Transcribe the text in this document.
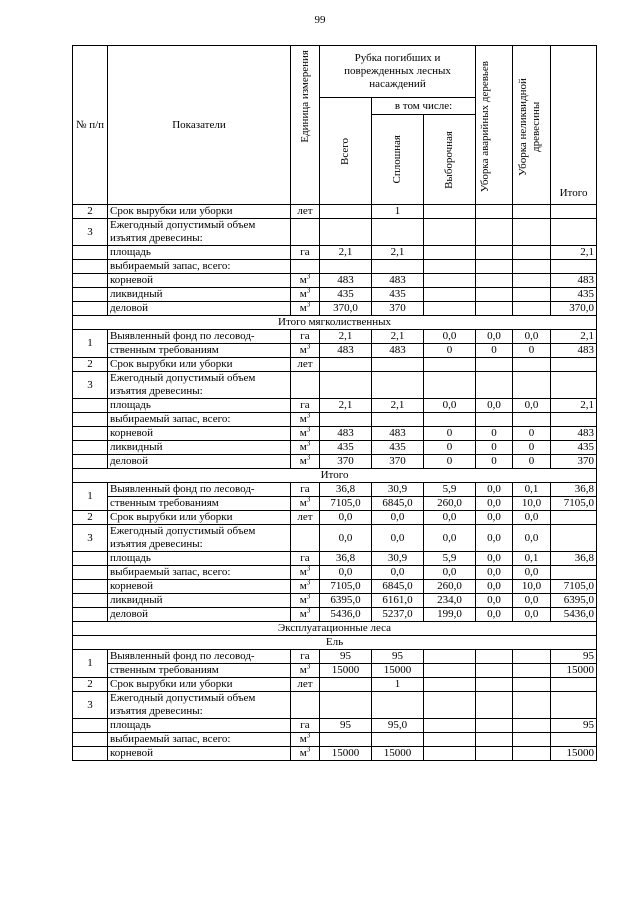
99
№ п/п	Показатели	Единица измерения	Рубка погибших и поврежденных лесных насаждений			Уборка аварийных деревьев	Уборка неликвидной древесины	Итого

			Всего	в том числе:				

				Сплошная	Выборочная			

2	Срок вырубки или уборки	лет		1				
3	Ежегодный допустимый объем изъятия древесины:							
	площадь	га	2,1	2,1				2,1
	выбираемый запас, всего:							
	корневой	$м^3$	483	483				483
	ликвидный	$м^3$	435	435				435
	деловой	$м^3$	370,0	370				370,0
Итого мягколиственных								
1	Выявленный фонд по лесовод-	га	2,1	2,1	0,0	0,0	0,0	2,1
	ственным требованиям	$м^3$	483	483	0	0	0	483
2	Срок вырубки или уборки	лет						
3	Ежегодный допустимый объем изъятия древесины:							
	площадь	га	2,1	2,1	0,0	0,0	0,0	2,1
	выбираемый запас, всего:	$м^3$						
	корневой	$м^3$	483	483	0	0	0	483
	ликвидный	$м^3$	435	435	0	0	0	435
	деловой	$м^3$	370	370	0	0	0	370
Итого								
1	Выявленный фонд по лесовод-	га	36,8	30,9	5,9	0,0	0,1	36,8
	ственным требованиям	$м^3$	7105,0	6845,0	260,0	0,0	10,0	7105,0
2	Срок вырубки или уборки	лет	0,0	0,0	0,0	0,0	0,0	
3	Ежегодный допустимый объем изъятия древесины:		0,0	0,0	0,0	0,0	0,0	
	площадь	га	36,8	30,9	5,9	0,0	0,1	36,8
	выбираемый запас, всего:	$м^3$	0,0	0,0	0,0	0,0	0,0	
	корневой	$м^3$	7105,0	6845,0	260,0	0,0	10,0	7105,0
	ликвидный	$м^3$	6395,0	6161,0	234,0	0,0	0,0	6395,0
	деловой	$м^3$	5436,0	5237,0	199,0	0,0	0,0	5436,0
Эксплуатационные леса								
Ель								
1	Выявленный фонд по лесовод-	га	95	95				95
	ственным требованиям	$м^3$	15000	15000				15000
2	Срок вырубки или уборки	лет		1				
3	Ежегодный допустимый объем изъятия древесины:							
	площадь	га	95	95,0				95
	выбираемый запас, всего:	$м^3$						
	корневой	$м^3$	15000	15000				15000
